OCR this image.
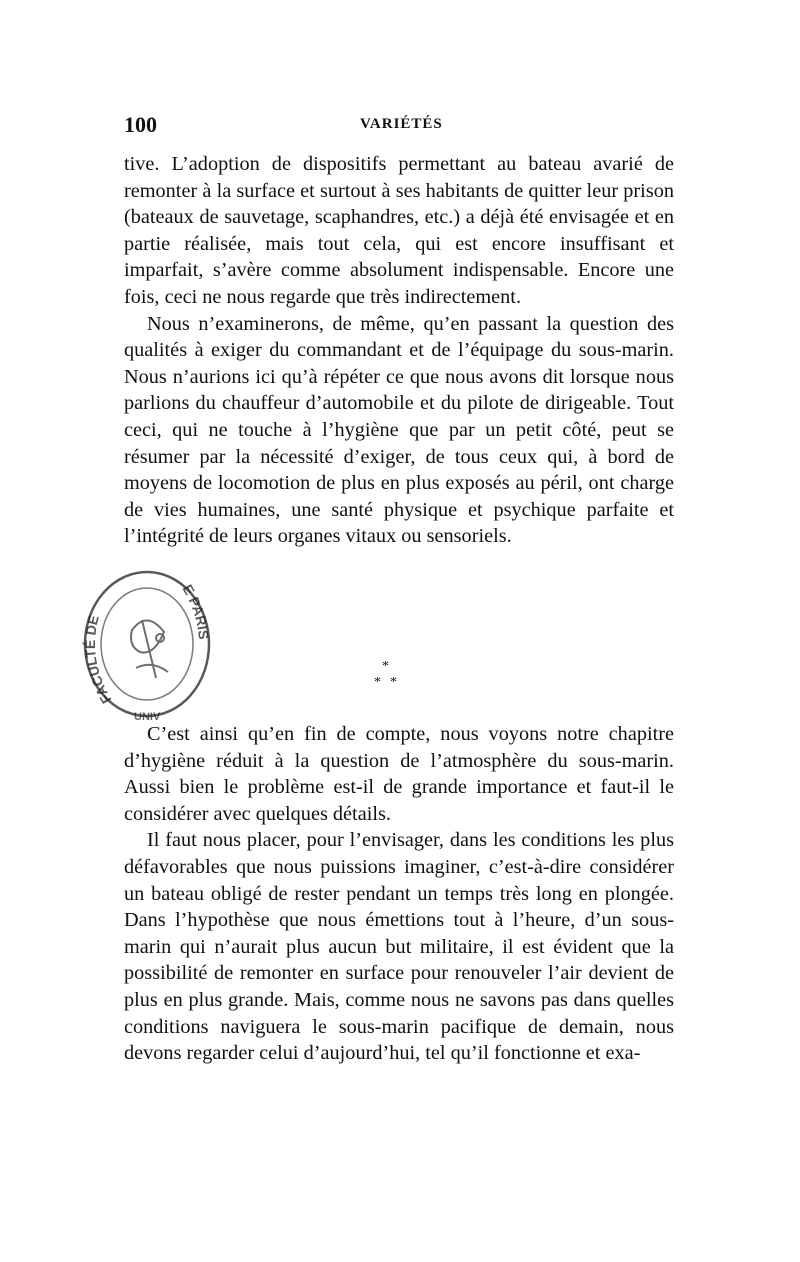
100	VARIÉTÉS

tive. L’adoption de dispositifs permettant au bateau avarié de remonter à la surface et surtout à ses habitants de quitter leur prison (bateaux de sauvetage, scaphandres, etc.) a déjà été envisagée et en partie réalisée, mais tout cela, qui est encore insuffisant et imparfait, s’avère comme absolument indispensable. Encore une fois, ceci ne nous regarde que très indirectement.

Nous n’examinerons, de même, qu’en passant la question des qualités à exiger du commandant et de l’équipage du sous-marin. Nous n’aurions ici qu’à répéter ce que nous avons dit lorsque nous parlions du chauffeur d’automobile et du pilote de dirigeable. Tout ceci, qui ne touche à l’hygiène que par un petit côté, peut se résumer par la nécessité d’exiger, de tous ceux qui, à bord de moyens de locomotion de plus en plus exposés au péril, ont charge de vies humaines, une santé physique et psychique parfaite et l’intégrité de leurs organes vitaux ou sensoriels.

*
* *

C’est ainsi qu’en fin de compte, nous voyons notre chapitre d’hygiène réduit à la question de l’atmosphère du sous-marin. Aussi bien le problème est-il de grande importance et faut-il le considérer avec quelques détails.

Il faut nous placer, pour l’envisager, dans les conditions les plus défavorables que nous puissions imaginer, c’est-à-dire considérer un bateau obligé de rester pendant un temps très long en plongée. Dans l’hypothèse que nous émettions tout à l’heure, d’un sous-marin qui n’aurait plus aucun but militaire, il est évident que la possibilité de remonter en surface pour renouveler l’air devient de plus en plus grande. Mais, comme nous ne savons pas dans quelles conditions naviguera le sous-marin pacifique de demain, nous devons regarder celui d’aujourd’hui, tel qu’il fonctionne et exa-

FACULTÉ DE
E PARIS
UNIV
